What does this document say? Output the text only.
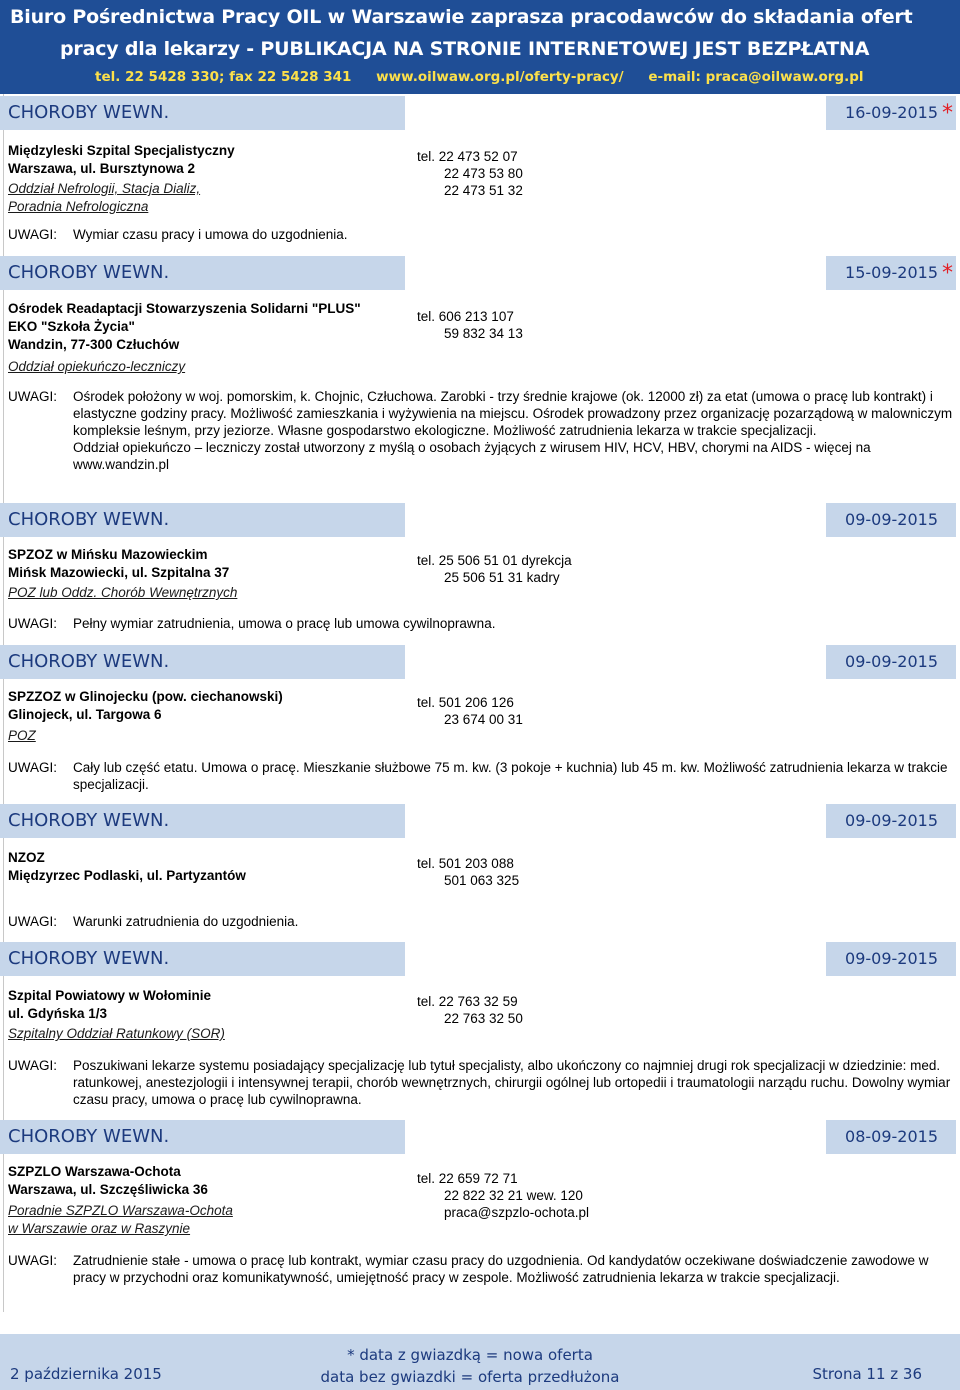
Biuro Pośrednictwa Pracy OIL w Warszawie zaprasza pracodawców do składania ofert
pracy dla lekarzy - PUBLIKACJA NA STRONIE INTERNETOWEJ JEST BEZPŁATNA
tel. 22 5428 330; fax 22 5428 341 www.oilwaw.org.pl/oferty-pracy/ e-mail: praca@oilwaw.org.pl
CHOROBY WEWN.	16-09-2015 *
Międzyleski Szpital Specjalistyczny
Warszawa, ul. Bursztynowa 2
Oddział Nefrologii, Stacja Dializ,
Poradnia Nefrologiczna
tel. 22 473 52 07
22 473 53 80
22 473 51 32
UWAGI: Wymiar czasu pracy i umowa do uzgodnienia.
CHOROBY WEWN.	15-09-2015 *
Ośrodek Readaptacji Stowarzyszenia Solidarni "PLUS"
EKO "Szkoła Życia"
Wandzin, 77-300 Człuchów
Oddział opiekuńczo-leczniczy
tel. 606 213 107
59 832 34 13
UWAGI: Ośrodek położony w woj. pomorskim, k. Chojnic, Człuchowa. Zarobki - trzy średnie krajowe (ok. 12000 zł) za etat (umowa o pracę lub kontrakt) i elastyczne godziny pracy. Możliwość zamieszkania i wyżywienia na miejscu. Ośrodek prowadzony przez organizację pozarządową w malowniczym kompleksie leśnym, przy jeziorze. Własne gospodarstwo ekologiczne. Możliwość zatrudnienia lekarza w trakcie specjalizacji.
Oddział opiekuńczo – leczniczy został utworzony z myślą o osobach żyjących z wirusem HIV, HCV, HBV, chorymi na AIDS - więcej na www.wandzin.pl
CHOROBY WEWN.	09-09-2015
SPZOZ w Mińsku Mazowieckim
Mińsk Mazowiecki, ul. Szpitalna 37
POZ lub Oddz. Chorób Wewnętrznych
tel. 25 506 51 01 dyrekcja
25 506 51 31 kadry
UWAGI: Pełny wymiar zatrudnienia, umowa o pracę lub umowa cywilnoprawna.
CHOROBY WEWN.	09-09-2015
SPZZOZ w Glinojecku (pow. ciechanowski)
Glinojeck, ul. Targowa 6
POZ
tel. 501 206 126
23 674 00 31
UWAGI: Cały lub część etatu. Umowa o pracę. Mieszkanie służbowe 75 m. kw. (3 pokoje + kuchnia) lub 45 m. kw. Możliwość zatrudnienia lekarza w trakcie specjalizacji.
CHOROBY WEWN.	09-09-2015
NZOZ
Międzyrzec Podlaski, ul. Partyzantów
tel. 501 203 088
501 063 325
UWAGI: Warunki zatrudnienia do uzgodnienia.
CHOROBY WEWN.	09-09-2015
Szpital Powiatowy w Wołominie
ul. Gdyńska 1/3
Szpitalny Oddział Ratunkowy (SOR)
tel. 22 763 32 59
22 763 32 50
UWAGI: Poszukiwani lekarze systemu posiadający specjalizację lub tytuł specjalisty, albo ukończony co najmniej drugi rok specjalizacji w dziedzinie: med. ratunkowej, anestezjologii i intensywnej terapii, chorób wewnętrznych, chirurgii ogólnej lub ortopedii i traumatologii narządu ruchu. Dowolny wymiar czasu pracy, umowa o pracę lub cywilnoprawna.
CHOROBY WEWN.	08-09-2015
SZPZLO Warszawa-Ochota
Warszawa, ul. Szczęśliwicka 36
Poradnie SZPZLO Warszawa-Ochota
w Warszawie oraz w Raszynie
tel. 22 659 72 71
22 822 32 21 wew. 120
praca@szpzlo-ochota.pl
UWAGI: Zatrudnienie stałe - umowa o pracę lub kontrakt, wymiar czasu pracy do uzgodnienia. Od kandydatów oczekiwane doświadczenie zawodowe w pracy w przychodni oraz komunikatywność, umiejętność pracy w zespole. Możliwość zatrudnienia lekarza w trakcie specjalizacji.
2 października 2015
* data z gwiazdką = nowa oferta
data bez gwiazdki = oferta przedłużona	Strona 11 z 36
